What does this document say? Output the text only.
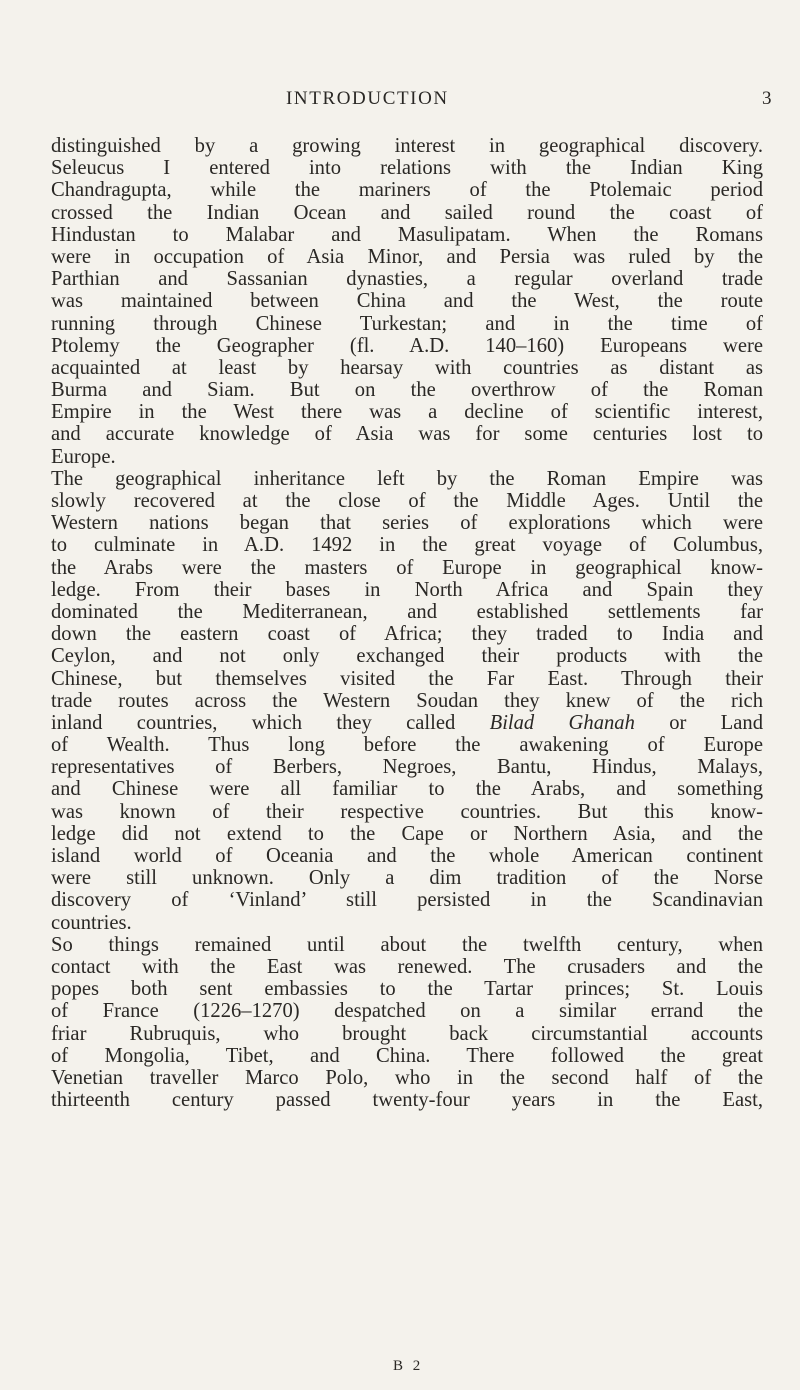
INTRODUCTION	3
distinguished by a growing interest in geographical discovery.
Seleucus I entered into relations with the Indian King
Chandragupta, while the mariners of the Ptolemaic period
crossed the Indian Ocean and sailed round the coast of
Hindustan to Malabar and Masulipatam. When the Romans
were in occupation of Asia Minor, and Persia was ruled by the
Parthian and Sassanian dynasties, a regular overland trade
was maintained between China and the West, the route
running through Chinese Turkestan; and in the time of
Ptolemy the Geographer (fl. A.D. 140–160) Europeans were
acquainted at least by hearsay with countries as distant as
Burma and Siam. But on the overthrow of the Roman
Empire in the West there was a decline of scientific interest,
and accurate knowledge of Asia was for some centuries lost to
Europe.
The geographical inheritance left by the Roman Empire was
slowly recovered at the close of the Middle Ages. Until the
Western nations began that series of explorations which were
to culminate in A.D. 1492 in the great voyage of Columbus,
the Arabs were the masters of Europe in geographical know-
ledge. From their bases in North Africa and Spain they
dominated the Mediterranean, and established settlements far
down the eastern coast of Africa; they traded to India and
Ceylon, and not only exchanged their products with the
Chinese, but themselves visited the Far East. Through their
trade routes across the Western Soudan they knew of the rich
inland countries, which they called Bilad Ghanah or Land
of Wealth. Thus long before the awakening of Europe
representatives of Berbers, Negroes, Bantu, Hindus, Malays,
and Chinese were all familiar to the Arabs, and something
was known of their respective countries. But this know-
ledge did not extend to the Cape or Northern Asia, and the
island world of Oceania and the whole American continent
were still unknown. Only a dim tradition of the Norse
discovery of ‘Vinland’ still persisted in the Scandinavian
countries.
So things remained until about the twelfth century, when
contact with the East was renewed. The crusaders and the
popes both sent embassies to the Tartar princes; St. Louis
of France (1226–1270) despatched on a similar errand the
friar Rubruquis, who brought back circumstantial accounts
of Mongolia, Tibet, and China. There followed the great
Venetian traveller Marco Polo, who in the second half of the
thirteenth century passed twenty-four years in the East,
B 2
